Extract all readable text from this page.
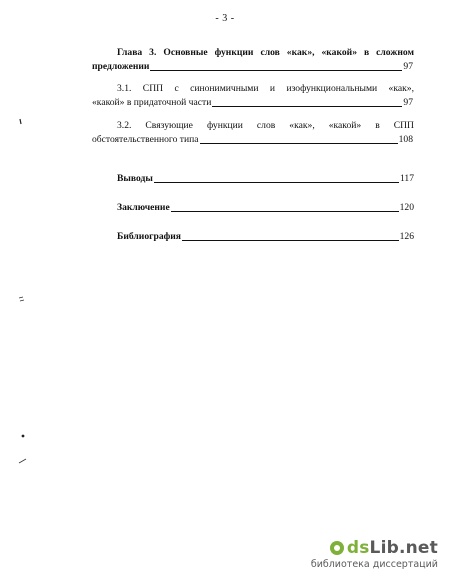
- 3 -
Глава 3. Основные функции слов «как», «какой» в сложном
предложении	97
3.1. СПП с синонимичными и изофункциональными «как»,
«какой» в придаточной части	97
3.2. Связующие функции слов «как», «какой» в СПП
обстоятельственного типа	108
Выводы	117
Заключение	120
Библиография	126
dsLib.net
библиотека диссертаций
